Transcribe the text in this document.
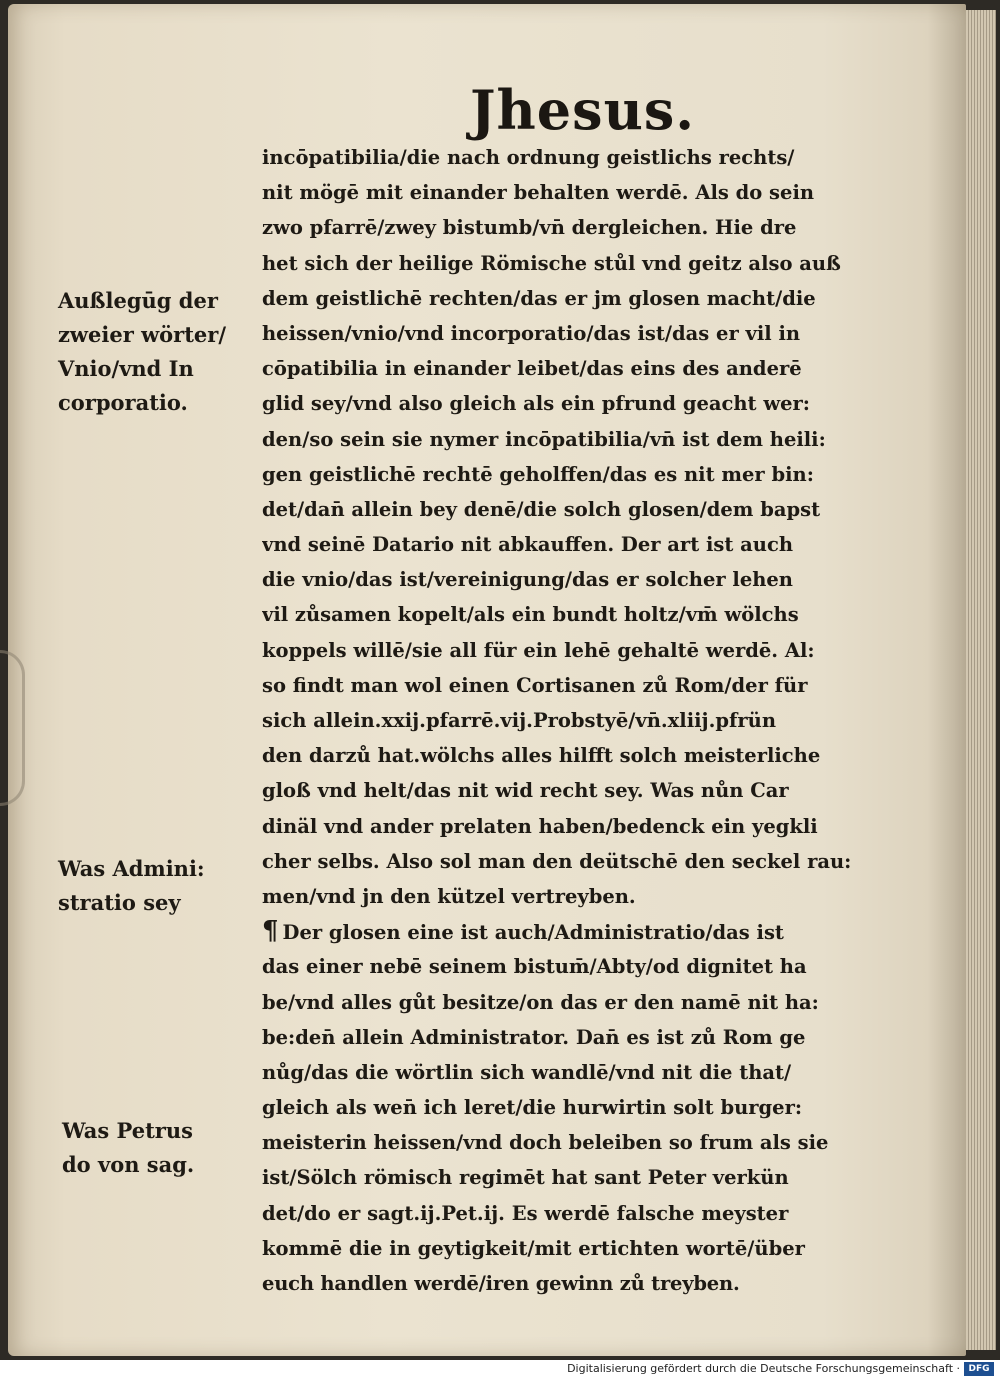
Jhesus.
incōpatibilia/die nach ordnung geistlichs rechts/
nit mögē mit einander behalten werdē. Als do sein
zwo pfarrē/zwey bistumb/vn̄ dergleichen. Hie dre
het sich der heilige Römische stůl vnd geitz also auß
dem geistlichē rechten/das er jm glosen macht/die
heissen/vnio/vnd incorporatio/das ist/das er vil in
cōpatibilia in einander leibet/das eins des anderē
glid sey/vnd also gleich als ein pfrund geacht wer:
den/so sein sie nymer incōpatibilia/vn̄ ist dem heili:
gen geistlichē rechtē geholffen/das es nit mer bin:
det/dan̄ allein bey denē/die solch glosen/dem bapst
vnd seinē Datario nit abkauffen. Der art ist auch
die vnio/das ist/vereinigung/das er solcher lehen
vil zůsamen kopelt/als ein bundt holtz/vm̄ wölchs
koppels willē/sie all für ein lehē gehaltē werdē. Al:
so findt man wol einen Cortisanen zů Rom/der für
sich allein.xxij.pfarrē.vij.Probstyē/vn̄.xliij.pfrün
den darzů hat.wölchs alles hilfft solch meisterliche
gloß vnd helt/das nit wid recht sey. Was nůn Car
dinäl vnd ander prelaten haben/bedenck ein yegkli
cher selbs. Also sol man den deütschē den seckel rau:
men/vnd jn den kützel vertreyben.
¶ Der glosen eine ist auch/Administratio/das ist
das einer nebē seinem bistum̄/Abty/od dignitet ha
be/vnd alles gůt besitze/on das er den namē nit ha:
be:den̄ allein Administrator. Dan̄ es ist zů Rom ge
nůg/das die wörtlin sich wandlē/vnd nit die that/
gleich als wen̄ ich leret/die hurwirtin solt burger:
meisterin heissen/vnd doch beleiben so frum als sie
ist/Sölch römisch regimēt hat sant Peter verkün
det/do er sagt.ij.Pet.ij. Es werdē falsche meyster
kommē die in geytigkeit/mit ertichten wortē/über
euch handlen werdē/iren gewinn zů treyben.
Außlegūg der
zweier wörter/
Vnio/vnd In
corporatio.
Was Admini:
stratio sey
Was Petrus
do von sag.
Digitalisierung gefördert durch die Deutsche Forschungsgemeinschaft · DFG
